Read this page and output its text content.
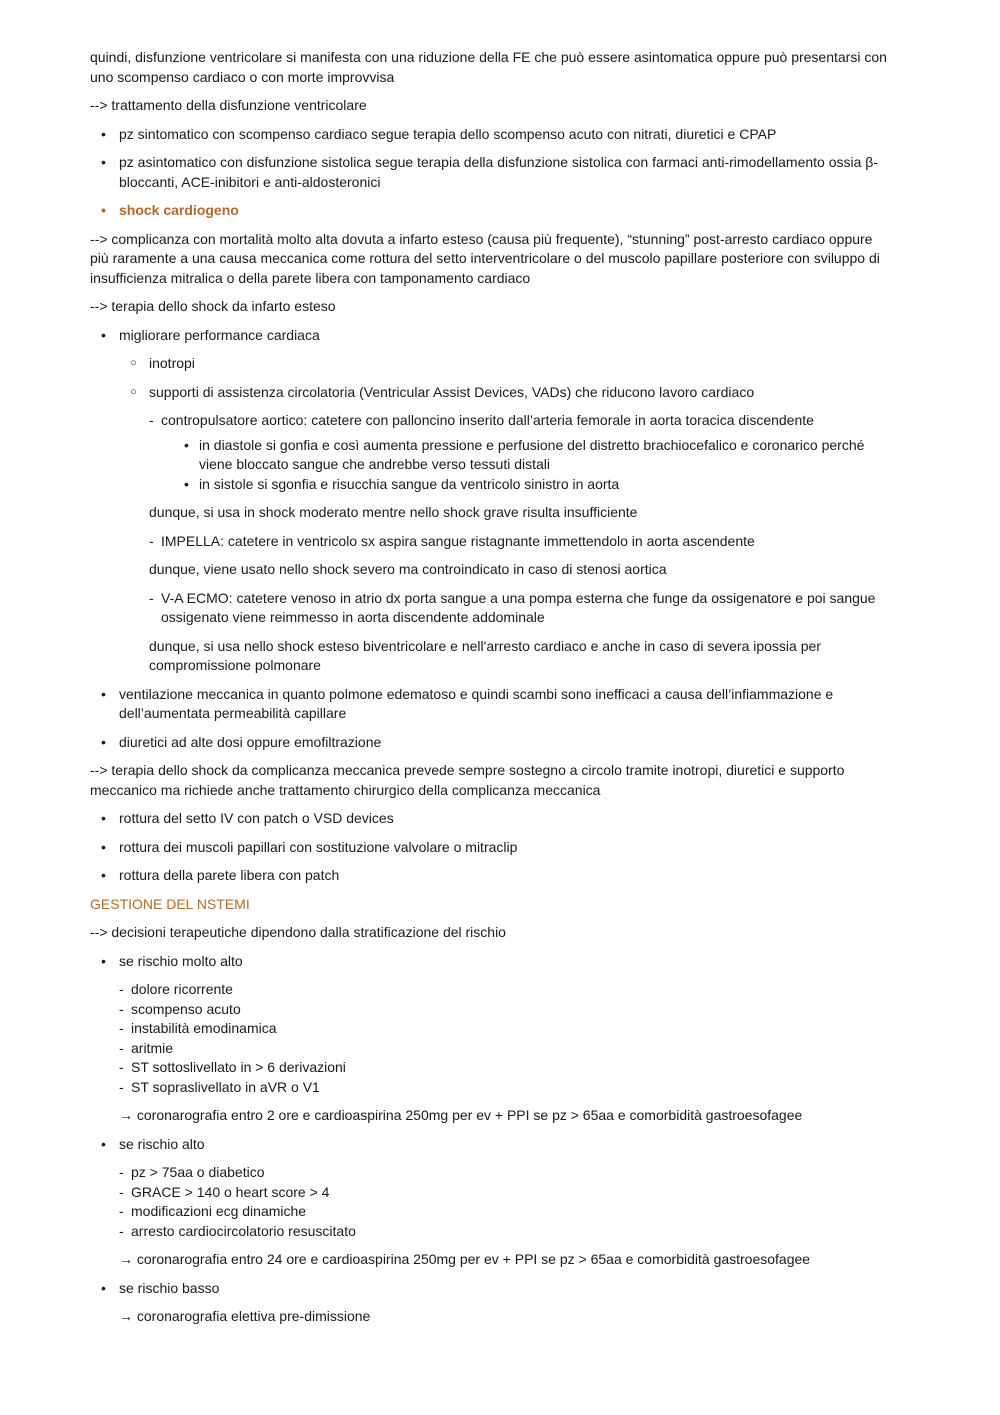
quindi, disfunzione ventricolare si manifesta con una riduzione della FE che può essere asintomatica oppure può presentarsi con uno scompenso cardiaco o con morte improvvisa

--> trattamento della disfunzione ventricolare

• pz sintomatico con scompenso cardiaco segue terapia dello scompenso acuto con nitrati, diuretici e CPAP
• pz asintomatico con disfunzione sistolica segue terapia della disfunzione sistolica con farmaci anti-rimodellamento ossia β-bloccanti, ACE-inibitori e anti-aldosteronici
• shock cardiogeno

--> complicanza con mortalità molto alta dovuta a infarto esteso (causa più frequente), “stunning” post-arresto cardiaco oppure più raramente a una causa meccanica come rottura del setto interventricolare o del muscolo papillare posteriore con sviluppo di insufficienza mitralica o della parete libera con tamponamento cardiaco

--> terapia dello shock da infarto esteso

• migliorare performance cardiaca
○ inotropi
○ supporti di assistenza circolatoria (Ventricular Assist Devices, VADs) che riducono lavoro cardiaco
- contropulsatore aortico: catetere con palloncino inserito dall’arteria femorale in aorta toracica discendente
• in diastole si gonfia e così aumenta pressione e perfusione del distretto brachiocefalico e coronarico perché viene bloccato sangue che andrebbe verso tessuti distali
• in sistole si sgonfia e risucchia sangue da ventricolo sinistro in aorta
dunque, si usa in shock moderato mentre nello shock grave risulta insufficiente
- IMPELLA: catetere in ventricolo sx aspira sangue ristagnante immettendolo in aorta ascendente
dunque, viene usato nello shock severo ma controindicato in caso di stenosi aortica
- V-A ECMO: catetere venoso in atrio dx porta sangue a una pompa esterna che funge da ossigenatore e poi sangue ossigenato viene reimmesso in aorta discendente addominale
dunque, si usa nello shock esteso biventricolare e nell'arresto cardiaco e anche in caso di severa ipossia per compromissione polmonare
• ventilazione meccanica in quanto polmone edematoso e quindi scambi sono inefficaci a causa dell’infiammazione e dell’aumentata permeabilità capillare
• diuretici ad alte dosi oppure emofiltrazione

--> terapia dello shock da complicanza meccanica prevede sempre sostegno a circolo tramite inotropi, diuretici e supporto meccanico ma richiede anche trattamento chirurgico della complicanza meccanica

• rottura del setto IV con patch o VSD devices
• rottura dei muscoli papillari con sostituzione valvolare o mitraclip
• rottura della parete libera con patch
GESTIONE DEL NSTEMI

--> decisioni terapeutiche dipendono dalla stratificazione del rischio

• se rischio molto alto
- dolore ricorrente
- scompenso acuto
- instabilità emodinamica
- aritmie
- ST sottoslivellato in > 6 derivazioni
- ST sopraslivellato in aVR o V1
→ coronarografia entro 2 ore e cardioaspirina 250mg per ev + PPI se pz > 65aa e comorbidità gastroesofagee
• se rischio alto
- pz > 75aa o diabetico
- GRACE > 140 o heart score > 4
- modificazioni ecg dinamiche
- arresto cardiocircolatorio resuscitato
→ coronarografia entro 24 ore e cardioaspirina 250mg per ev + PPI se pz > 65aa e comorbidità gastroesofagee
• se rischio basso
→ coronarografia elettiva pre-dimissione
